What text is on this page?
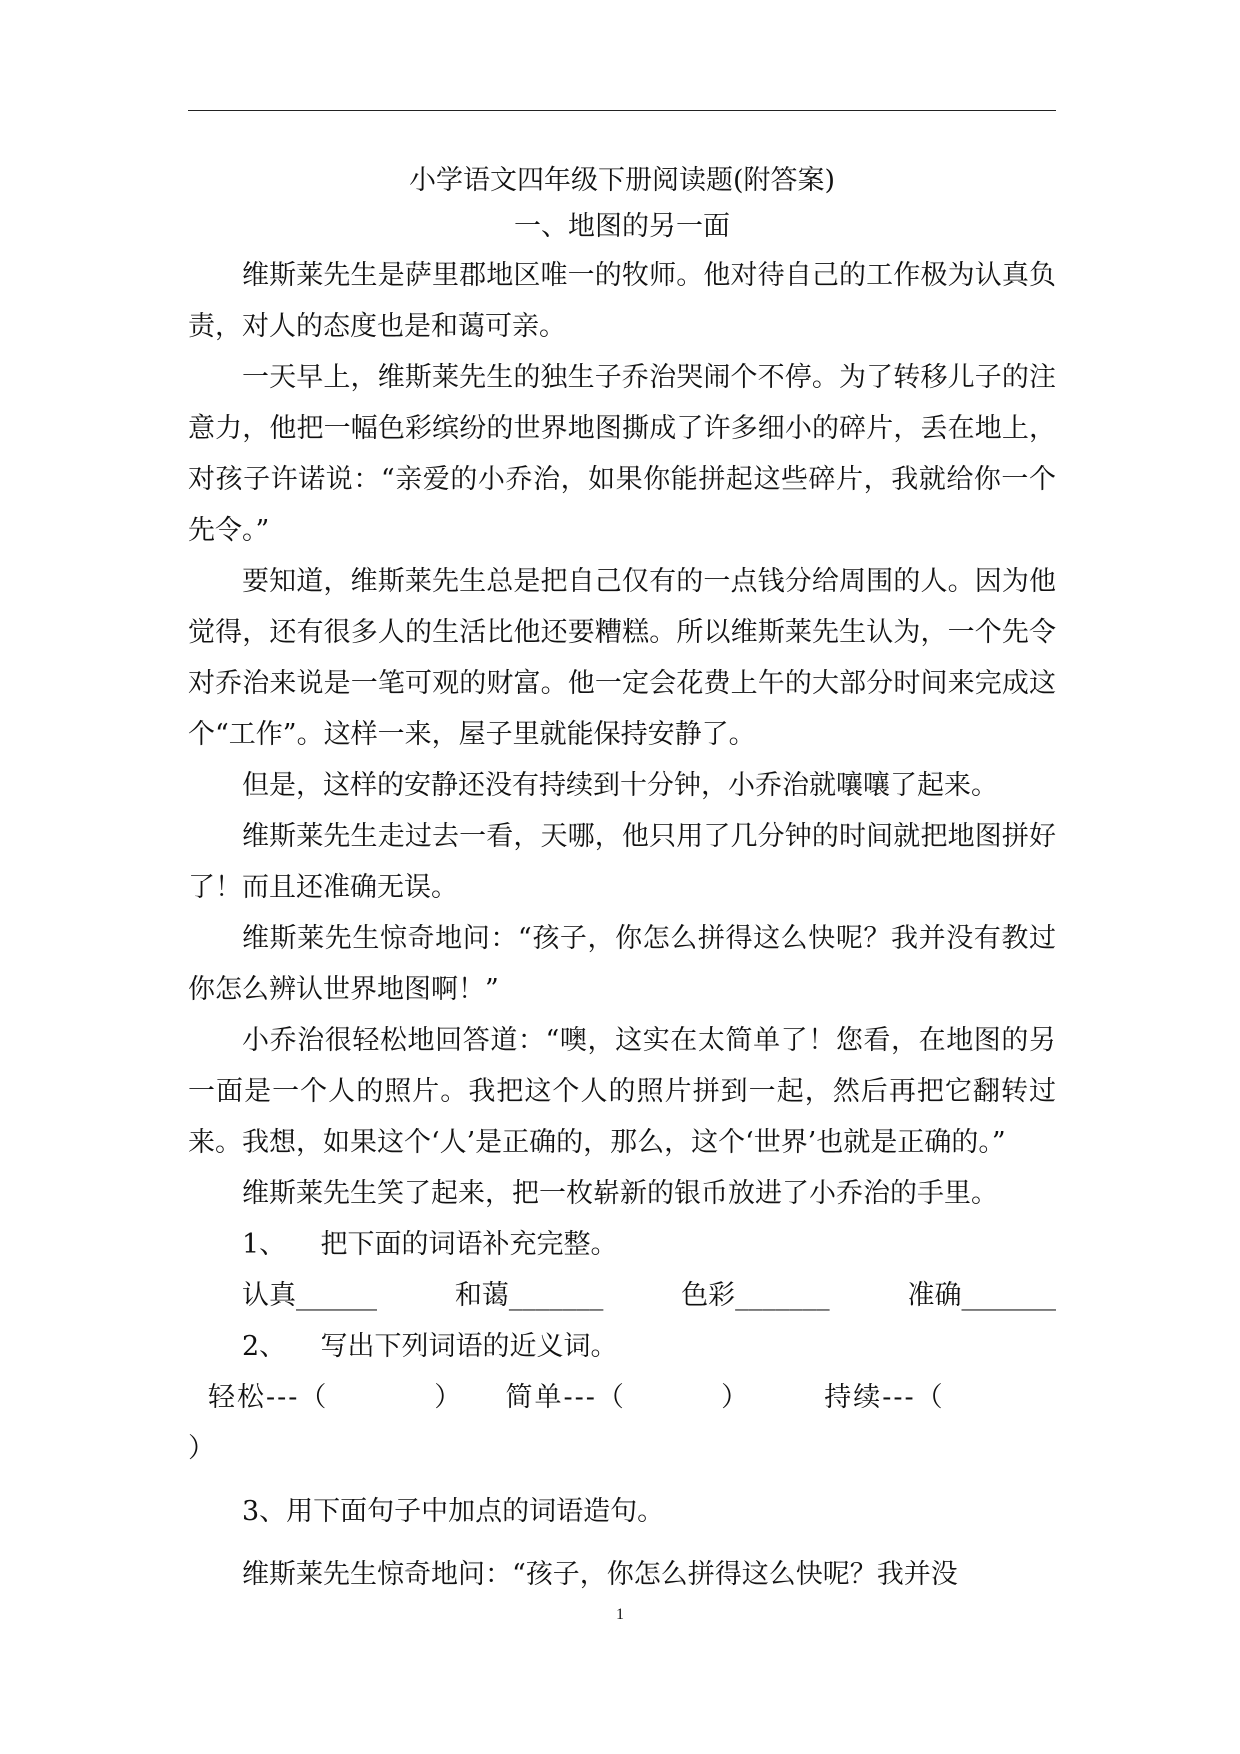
小学语文四年级下册阅读题(附答案)
一、地图的另一面

维斯莱先生是萨里郡地区唯一的牧师。他对待自己的工作极为认真负责，对人的态度也是和蔼可亲。

一天早上，维斯莱先生的独生子乔治哭闹个不停。为了转移儿子的注意力，他把一幅色彩缤纷的世界地图撕成了许多细小的碎片，丢在地上，对孩子许诺说：“亲爱的小乔治，如果你能拼起这些碎片，我就给你一个先令。”

要知道，维斯莱先生总是把自己仅有的一点钱分给周围的人。因为他觉得，还有很多人的生活比他还要糟糕。所以维斯莱先生认为，一个先令对乔治来说是一笔可观的财富。他一定会花费上午的大部分时间来完成这个“工作”。这样一来，屋子里就能保持安静了。

但是，这样的安静还没有持续到十分钟，小乔治就嚷嚷了起来。

维斯莱先生走过去一看，天哪，他只用了几分钟的时间就把地图拼好了！而且还准确无误。

维斯莱先生惊奇地问：“孩子，你怎么拼得这么快呢？我并没有教过你怎么辨认世界地图啊！”

小乔治很轻松地回答道：“噢，这实在太简单了！您看，在地图的另一面是一个人的照片。我把这个人的照片拼到一起，然后再把它翻转过来。我想，如果这个‘人’是正确的，那么，这个‘世界’也就是正确的。”

维斯莱先生笑了起来，把一枚崭新的银币放进了小乔治的手里。

1、    把下面的词语补充完整。

认真______	和蔼_______	色彩_______	准确_______

2、    写出下列词语的近义词。

轻松---（          ）    简单---（         ）       持续---（

）

3、用下面句子中加点的词语造句。

维斯莱先生惊奇地问：“孩子，你怎么拼得这么快呢？我并没

1
